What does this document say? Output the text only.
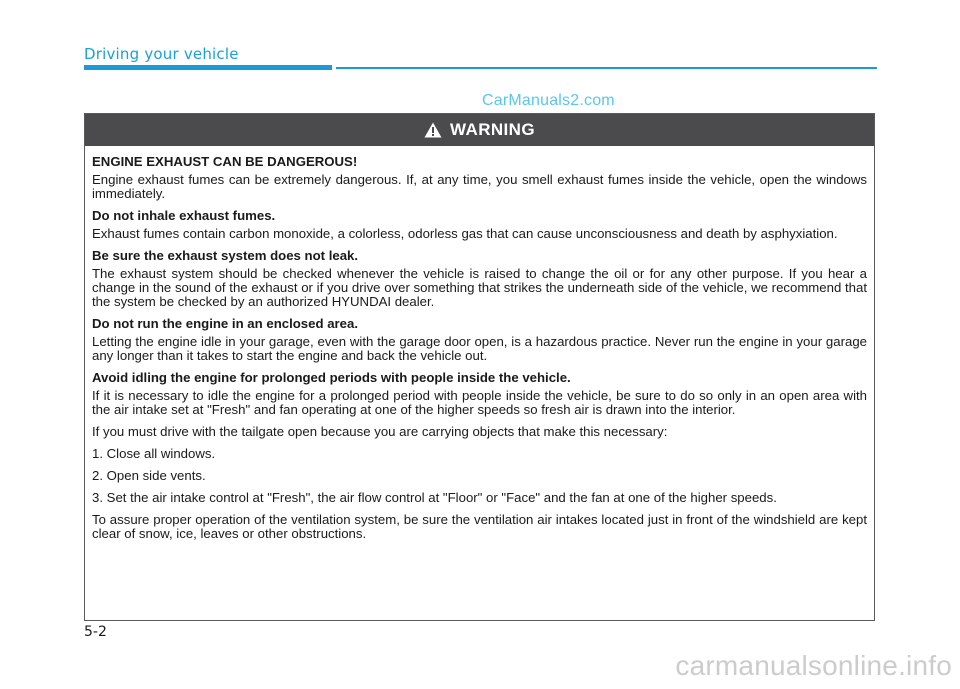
Driving your vehicle
CarManuals2.com
WARNING

ENGINE EXHAUST CAN BE DANGEROUS!

Engine exhaust fumes can be extremely dangerous. If, at any time, you smell exhaust fumes inside the vehicle, open the windows immediately.

Do not inhale exhaust fumes.

Exhaust fumes contain carbon monoxide, a colorless, odorless gas that can cause unconsciousness and death by asphyxiation.

Be sure the exhaust system does not leak.

The exhaust system should be checked whenever the vehicle is raised to change the oil or for any other purpose. If you hear a change in the sound of the exhaust or if you drive over something that strikes the underneath side of the vehicle, we recommend that the system be checked by an authorized HYUNDAI dealer.

Do not run the engine in an enclosed area.

Letting the engine idle in your garage, even with the garage door open, is a hazardous practice. Never run the engine in your garage any longer than it takes to start the engine and back the vehicle out.

Avoid idling the engine for prolonged periods with people inside the vehicle.

If it is necessary to idle the engine for a prolonged period with people inside the vehicle, be sure to do so only in an open area with the air intake set at "Fresh" and fan operating at one of the higher speeds so fresh air is drawn into the interior.

If you must drive with the tailgate open because you are carrying objects that make this necessary:

1. Close all windows.

2. Open side vents.

3. Set the air intake control at "Fresh", the air flow control at "Floor" or "Face" and the fan at one of the higher speeds.

To assure proper operation of the ventilation system, be sure the ventilation air intakes located just in front of the windshield are kept clear of snow, ice, leaves or other obstructions.

5-2
carmanualsonline.info
